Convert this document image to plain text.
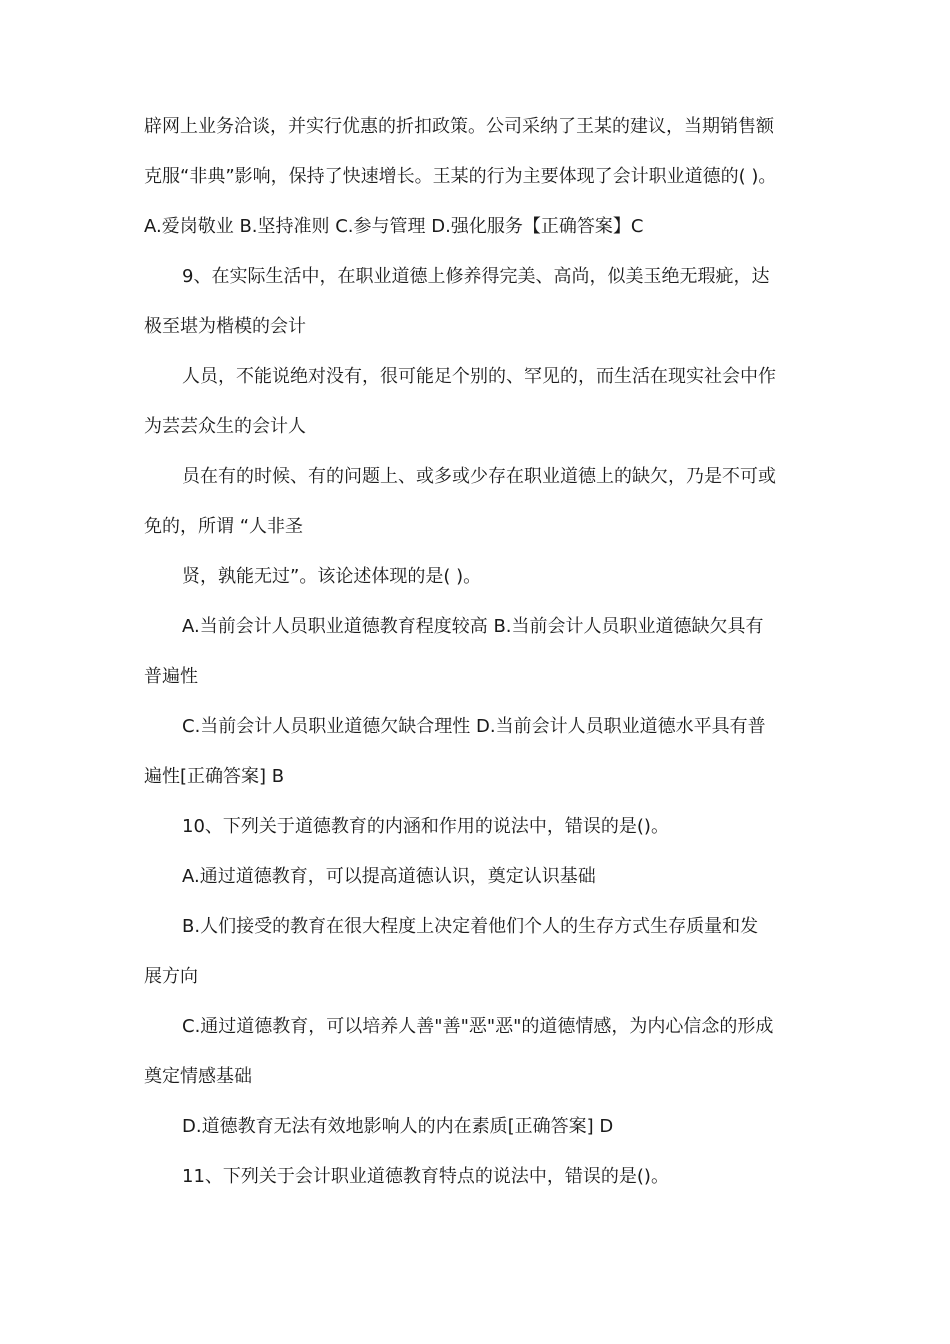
辟网上业务洽谈，并实行优惠的折扣政策。公司采纳了王某的建议，当期销售额
克服“非典”影响，保持了快速增长。王某的行为主要体现了会计职业道德的( )。
A.爱岗敬业 B.坚持准则 C.参与管理 D.强化服务【正确答案】C
9、在实际生活中，在职业道德上修养得完美、高尚，似美玉绝无瑕疵，达
极至堪为楷模的会计
人员，不能说绝对没有，很可能足个别的、罕见的，而生活在现实社会中作
为芸芸众生的会计人
员在有的时候、有的问题上、或多或少存在职业道德上的缺欠，乃是不可或
免的，所谓 “人非圣
贤，孰能无过”。该论述体现的是( )。
A.当前会计人员职业道德教育程度较高 B.当前会计人员职业道德缺欠具有
普遍性
C.当前会计人员职业道德欠缺合理性 D.当前会计人员职业道德水平具有普
遍性[正确答案] B
10、下列关于道德教育的内涵和作用的说法中，错误的是()。
A.通过道德教育，可以提高道德认识，奠定认识基础
B.人们接受的教育在很大程度上决定着他们个人的生存方式生存质量和发
展方向
C.通过道德教育，可以培养人善"善"恶"恶"的道德情感，为内心信念的形成
奠定情感基础
D.道德教育无法有效地影响人的内在素质[正确答案] D
11、下列关于会计职业道德教育特点的说法中，错误的是()。
